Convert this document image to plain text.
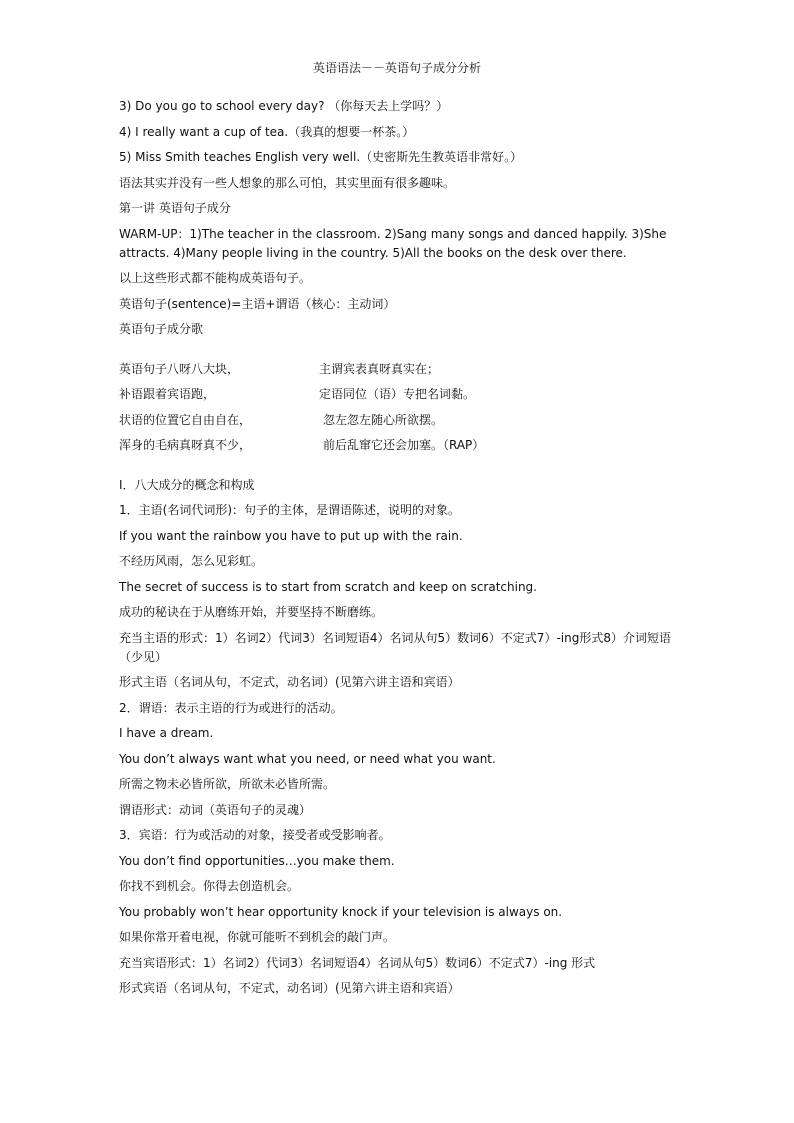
英语语法－－英语句子成分分析
3) Do you go to school every day? （你每天去上学吗？）
4) I really want a cup of tea.（我真的想要一杯茶。）
5) Miss Smith teaches English very well.（史密斯先生教英语非常好。）
语法其实并没有一些人想象的那么可怕，其实里面有很多趣味。
第一讲 英语句子成分
WARM-UP：1)The teacher in the classroom. 2)Sang many songs and danced happily. 3)She attracts. 4)Many people living in the country. 5)All the books on the desk over there.
以上这些形式都不能构成英语句子。
英语句子(sentence)=主语+谓语（核心：主动词）
英语句子成分歌
英语句子八呀八大块，	主谓宾表真呀真实在；
补语跟着宾语跑，	定语同位（语）专把名词黏。
状语的位置它自由自在，	忽左忽左随心所欲摆。
浑身的毛病真呀真不少，	前后乱窜它还会加塞。（RAP）
I．八大成分的概念和构成
1．主语(名词代词形)：句子的主体，是谓语陈述，说明的对象。
If you want the rainbow you have to put up with the rain.
不经历风雨，怎么见彩虹。
The secret of success is to start from scratch and keep on scratching.
成功的秘诀在于从磨练开始，并要坚持不断磨练。
充当主语的形式：1）名词2）代词3）名词短语4）名词从句5）数词6）不定式7）-ing形式8）介词短语（少见）
形式主语（名词从句，不定式，动名词）(见第六讲主语和宾语）
2．谓语：表示主语的行为或进行的活动。
I have a dream.
You don’t always want what you need, or need what you want.
所需之物未必皆所欲，所欲未必皆所需。
谓语形式：动词（英语句子的灵魂）
3．宾语：行为或活动的对象，接受者或受影响者。
You don’t find opportunities…you make them.
你找不到机会。你得去创造机会。
You probably won’t hear opportunity knock if your television is always on.
如果你常开着电视，你就可能听不到机会的敲门声。
充当宾语形式：1）名词2）代词3）名词短语4）名词从句5）数词6）不定式7）-ing 形式
形式宾语（名词从句，不定式，动名词）(见第六讲主语和宾语）
